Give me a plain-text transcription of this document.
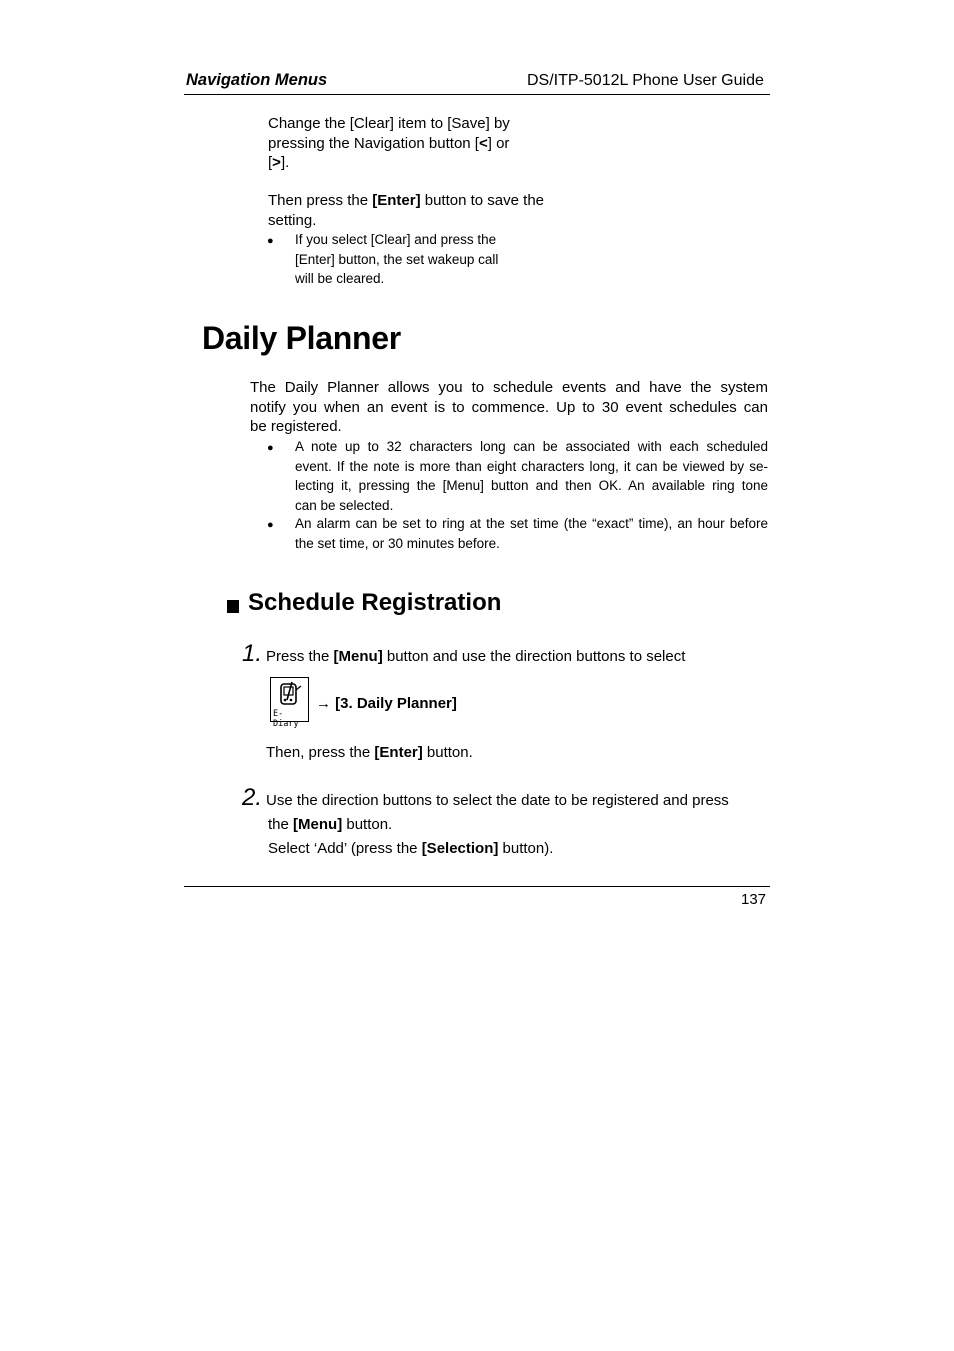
Navigation Menus	DS/ITP-5012L Phone User Guide
Change the [Clear] item to [Save] by
pressing the Navigation button [<] or
[>].
Then press the [Enter] button to save the
setting.
● If you select [Clear] and press the
[Enter] button, the set wakeup call
will be cleared.
Daily Planner
The Daily Planner allows you to schedule events and have the system
notify you when an event is to commence. Up to 30 event schedules can
be registered.
● A note up to 32 characters long can be associated with each scheduled
event. If the note is more than eight characters long, it can be viewed by se-
lecting it, pressing the [Menu] button and then OK. An available ring tone
can be selected.
● An alarm can be set to ring at the set time (the “exact” time), an hour before
the set time, or 30 minutes before.
Schedule Registration
1. Press the [Menu] button and use the direction buttons to select
E-Diary
→ [3. Daily Planner]
Then, press the [Enter] button.
2. Use the direction buttons to select the date to be registered and press
the [Menu] button.
Select ‘Add’ (press the [Selection] button).
137
